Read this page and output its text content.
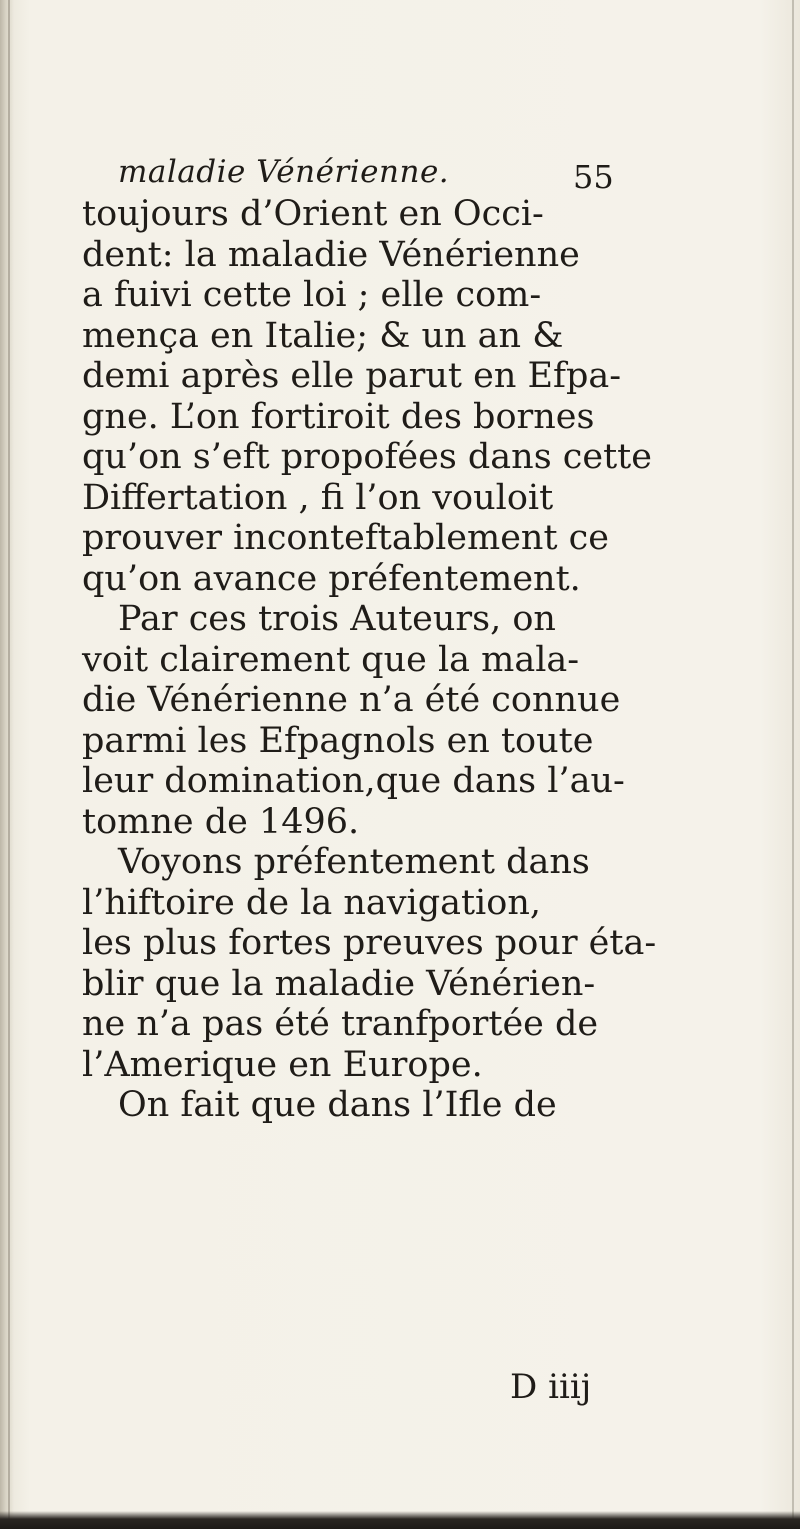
maladie Vénérienne.	55
toujours d’Orient en Occi-
dent: la maladie Vénérienne
a fuivi cette loi ; elle com-
mença en Italie; & un an &
demi après elle parut en Efpa-
gne. L’on fortiroit des bornes
qu’on s’eft propofées dans cette
Differtation , fi l’on vouloit
prouver inconteftablement ce
qu’on avance préfentement.
Par ces trois Auteurs, on
voit clairement que la mala-
die Vénérienne n’a été connue
parmi les Efpagnols en toute
leur domination,que dans l’au-
tomne de 1496.
Voyons préfentement dans
l’hiftoire de la navigation,
les plus fortes preuves pour éta-
blir que la maladie Vénérien-
ne n’a pas été tranfportée de
l’Amerique en Europe.
On fait que dans l’Ifle de
D iiij
